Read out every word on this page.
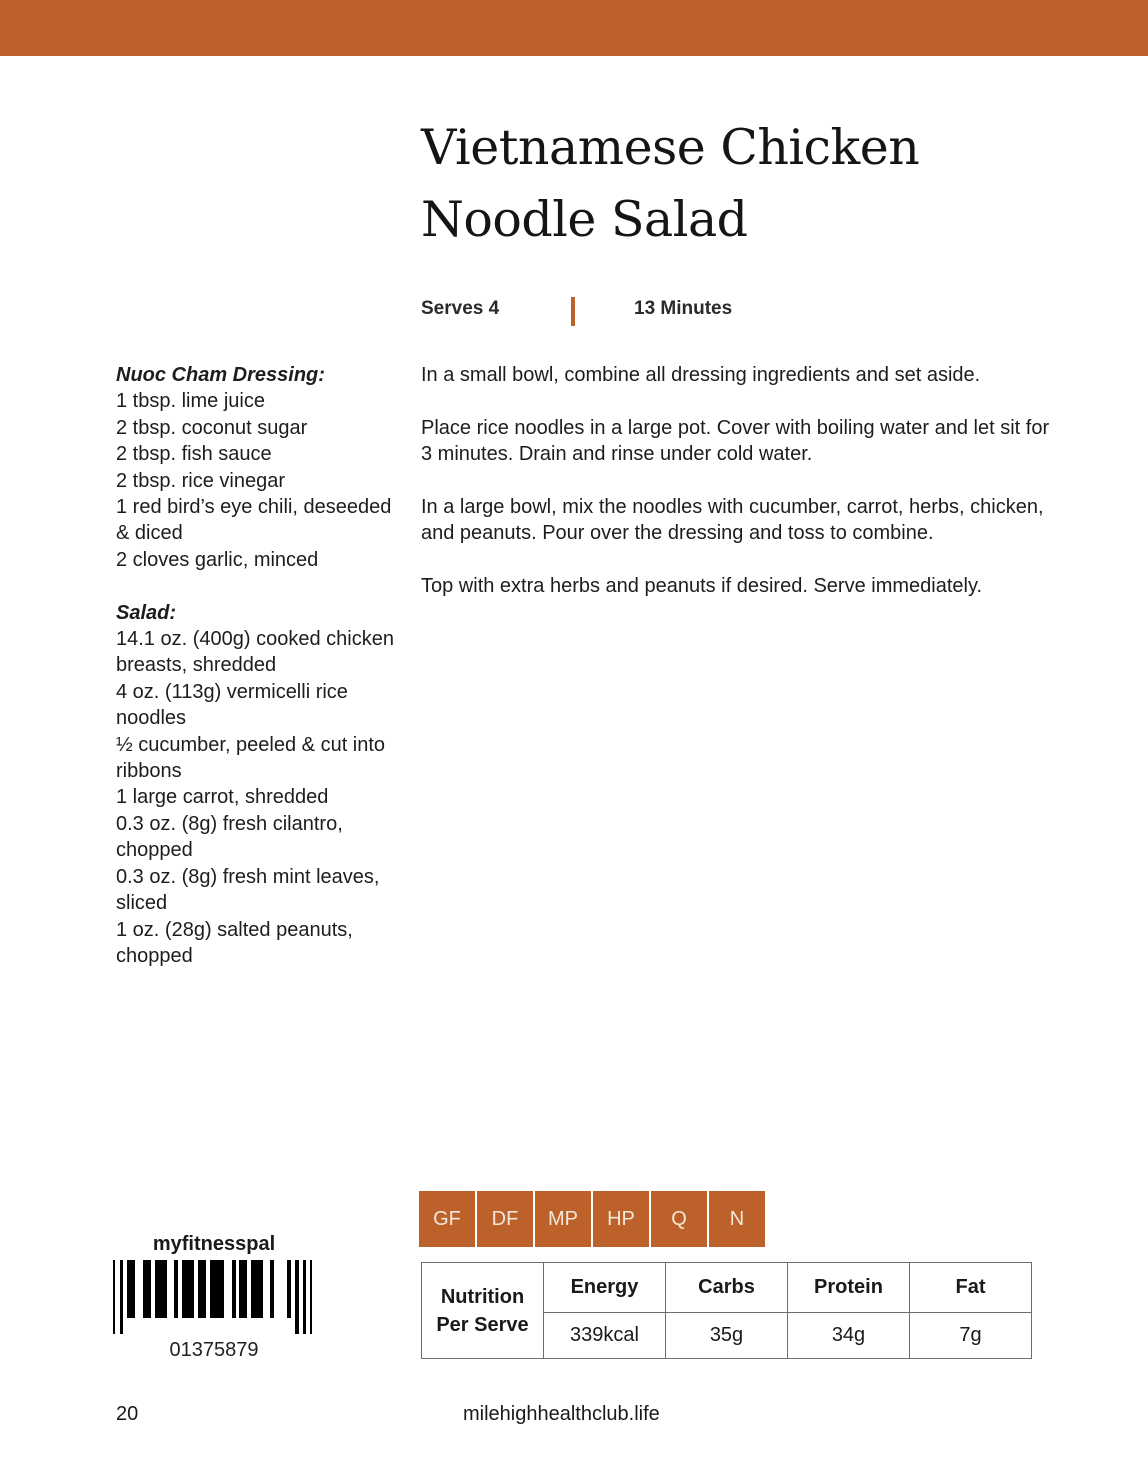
Vietnamese Chicken
Noodle Salad
Serves 4	13 Minutes
Nuoc Cham Dressing:
1 tbsp. lime juice
2 tbsp. coconut sugar
2 tbsp. fish sauce
2 tbsp. rice vinegar
1 red bird’s eye chili, deseeded & diced
2 cloves garlic, minced
Salad:
14.1 oz. (400g) cooked chicken breasts, shredded
4 oz. (113g) vermicelli rice noodles
½ cucumber, peeled & cut into ribbons
1 large carrot, shredded
0.3 oz. (8g) fresh cilantro, chopped
0.3 oz. (8g) fresh mint leaves, sliced
1 oz. (28g) salted peanuts, chopped

In a small bowl, combine all dressing ingredients and set aside.

Place rice noodles in a large pot. Cover with boiling water and let sit for 3 minutes. Drain and rinse under cold water.

In a large bowl, mix the noodles with cucumber, carrot, herbs, chicken, and peanuts. Pour over the dressing and toss to combine.

Top with extra herbs and peanuts if desired. Serve immediately.

GF	DF	MP	HP	Q	N
Nutrition
Per Serve	Energy	Carbs	Protein	Fat
	339kcal	35g	34g	7g
myfitnesspal
01375879
20	milehighhealthclub.life
